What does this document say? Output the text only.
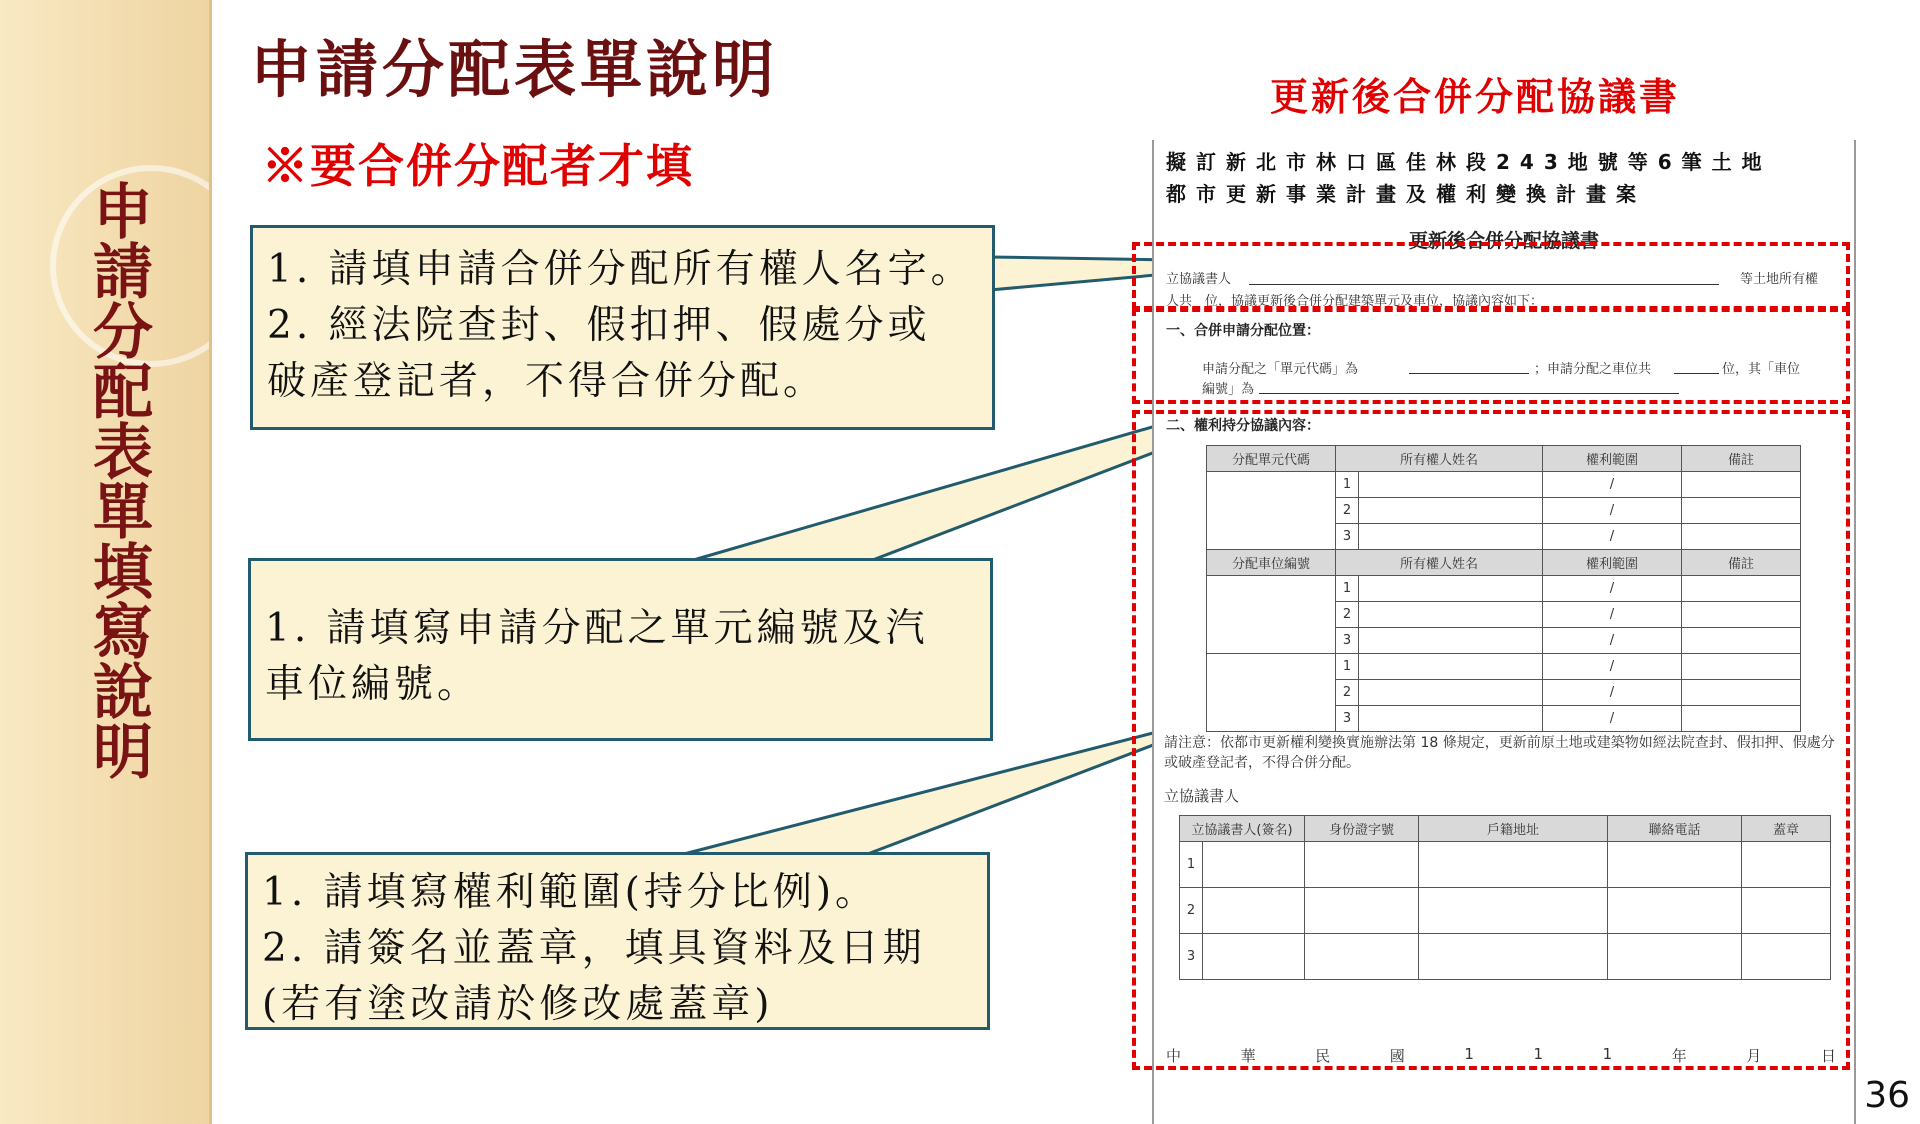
申請分配表單填寫說明
申請分配表單說明
※要合併分配者才填
更新後合併分配協議書
1. 請填申請合併分配所有權人名字。
2. 經法院查封、假扣押、假處分或
破產登記者，不得合併分配。
1. 請填寫申請分配之單元編號及汽
車位編號。
1. 請填寫權利範圍(持分比例)。
2. 請簽名並蓋章，填具資料及日期
(若有塗改請於修改處蓋章)
擬訂新北市林口區佳林段243地號等6筆土地
都市更新事業計畫及權利變換計畫案
更新後合併分配協議書
立協議書人	等土地所有權
人共　位，協議更新後合併分配建築單元及車位，協議內容如下：
一、合併申請分配位置：
申請分配之「單元代碼」為	；申請分配之車位共	位，其「車位
編號」為
二、權利持分協議內容：
分配單元代碼	所有權人姓名		權利範圍	備註
	1		/	
	2		/	
	3		/	
分配車位編號	所有權人姓名		權利範圍	備註
	1		/	
	2		/	
	3		/	
	1		/	
	2		/	
	3		/	
請注意：依都市更新權利變換實施辦法第 18 條規定，更新前原土地或建築物如經法院查封、假扣押、假處分或破產登記者，不得合併分配。
立協議書人
立協議書人(簽名)		身份證字號	戶籍地址	聯絡電話	蓋章
1					
2					
3					
中	華	民	國	1	1	1	年	月	日
36
